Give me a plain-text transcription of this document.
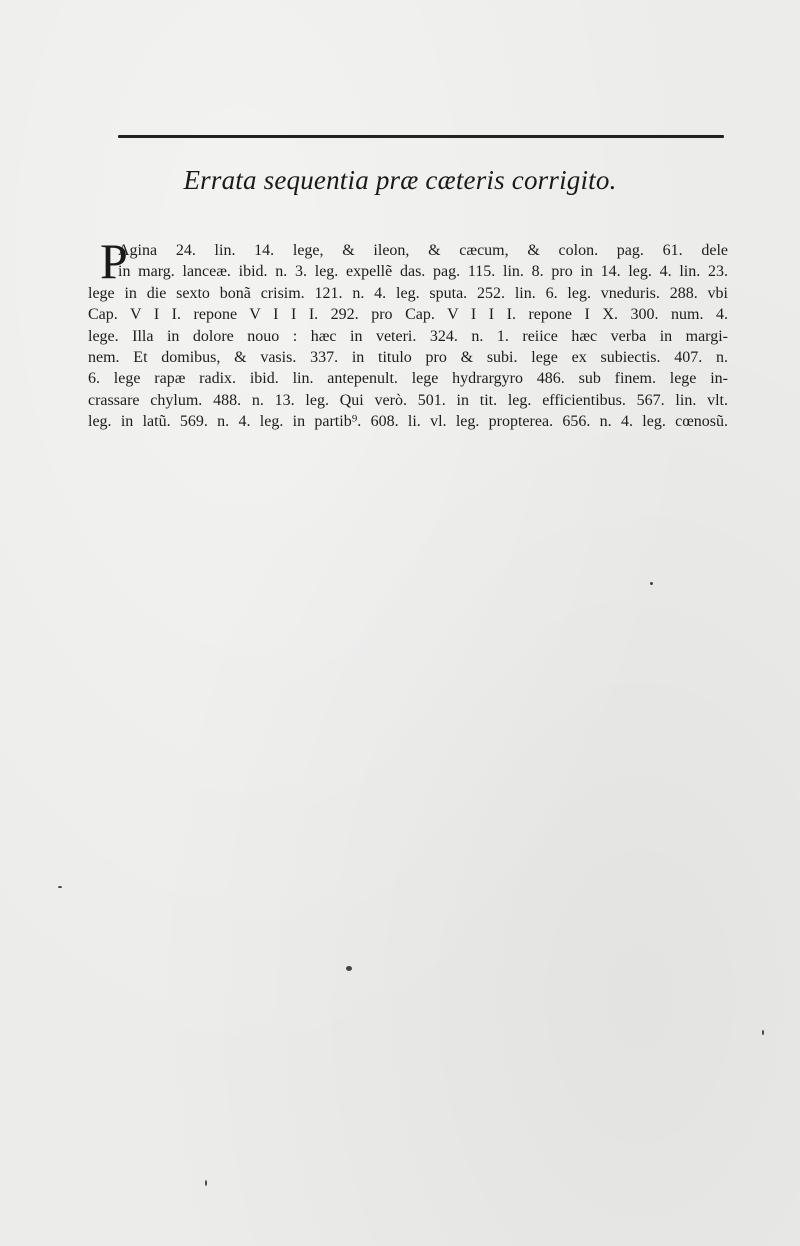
Errata sequentia præ cæteris corrigito.
P
Agina 24. lin. 14. lege, & ileon, & cæcum, & colon. pag. 61. dele
in marg. lanceæ. ibid. n. 3. leg. expellẽ das. pag. 115. lin. 8. pro in 14. leg. 4. lin. 23.
lege in die sexto bonã crisim. 121. n. 4. leg. sputa. 252. lin. 6. leg. vneduris. 288. vbi
Cap. V I I. repone V I I I. 292. pro Cap. V I I I. repone I X. 300. num. 4.
lege. Illa in dolore nouo : hæc in veteri. 324. n. 1. reiice hæc verba in margi-
nem. Et domibus, & vasis. 337. in titulo pro & subi. lege ex subiectis. 407. n.
6. lege rapæ radix. ibid. lin. antepenult. lege hydrargyro 486. sub finem. lege in-
crassare chylum. 488. n. 13. leg. Qui verò. 501. in tit. leg. efficientibus. 567. lin. vlt.
leg. in latũ. 569. n. 4. leg. in partib⁹. 608. li. vl. leg. propterea. 656. n. 4. leg. cœnosũ.
